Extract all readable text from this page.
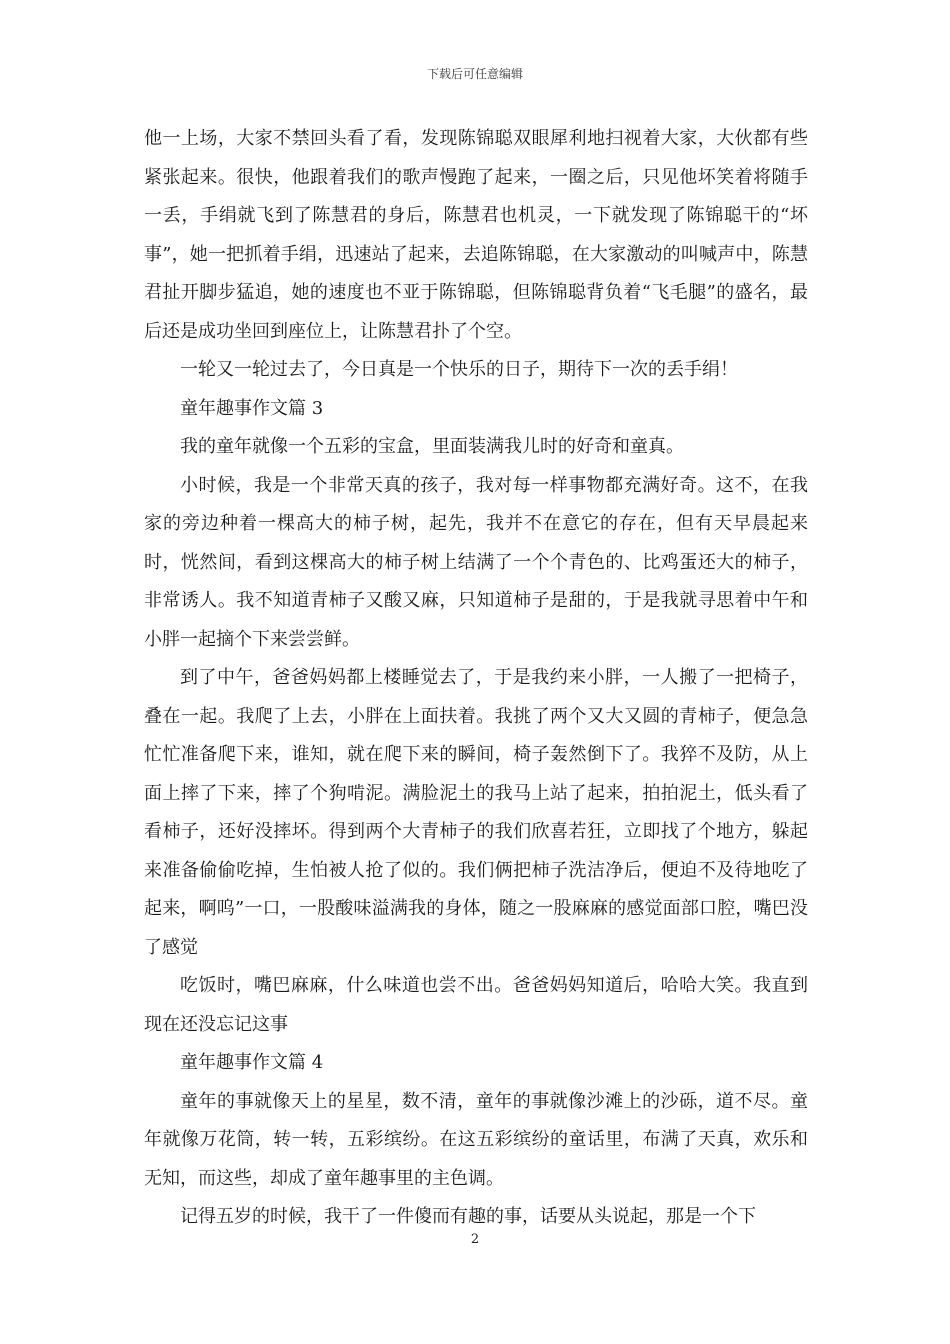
下载后可任意编辑

他一上场，大家不禁回头看了看，发现陈锦聪双眼犀利地扫视着大家，大伙都有些紧张起来。很快，他跟着我们的歌声慢跑了起来，一圈之后，只见他坏笑着将随手一丢，手绢就飞到了陈慧君的身后，陈慧君也机灵，一下就发现了陈锦聪干的“坏事”，她一把抓着手绢，迅速站了起来，去追陈锦聪，在大家激动的叫喊声中，陈慧君扯开脚步猛追，她的速度也不亚于陈锦聪，但陈锦聪背负着“飞毛腿”的盛名，最后还是成功坐回到座位上，让陈慧君扑了个空。

一轮又一轮过去了，今日真是一个快乐的日子，期待下一次的丢手绢！

童年趣事作文篇 3

我的童年就像一个五彩的宝盒，里面装满我儿时的好奇和童真。

小时候，我是一个非常天真的孩子，我对每一样事物都充满好奇。这不，在我家的旁边种着一棵高大的柿子树，起先，我并不在意它的存在，但有天早晨起来时，恍然间，看到这棵高大的柿子树上结满了一个个青色的、比鸡蛋还大的柿子，非常诱人。我不知道青柿子又酸又麻，只知道柿子是甜的，于是我就寻思着中午和小胖一起摘个下来尝尝鲜。

到了中午，爸爸妈妈都上楼睡觉去了，于是我约来小胖，一人搬了一把椅子，叠在一起。我爬了上去，小胖在上面扶着。我挑了两个又大又圆的青柿子，便急急忙忙准备爬下来，谁知，就在爬下来的瞬间，椅子轰然倒下了。我猝不及防，从上面上摔了下来，摔了个狗啃泥。满脸泥土的我马上站了起来，拍拍泥土，低头看了看柿子，还好没摔坏。得到两个大青柿子的我们欣喜若狂，立即找了个地方，躲起来准备偷偷吃掉，生怕被人抢了似的。我们俩把柿子洗洁净后，便迫不及待地吃了起来，啊呜”一口，一股酸味溢满我的身体，随之一股麻麻的感觉面部口腔，嘴巴没了感觉

吃饭时，嘴巴麻麻，什么味道也尝不出。爸爸妈妈知道后，哈哈大笑。我直到现在还没忘记这事

童年趣事作文篇 4

童年的事就像天上的星星，数不清，童年的事就像沙滩上的沙砾，道不尽。童年就像万花筒，转一转，五彩缤纷。在这五彩缤纷的童话里，布满了天真，欢乐和无知，而这些，却成了童年趣事里的主色调。

记得五岁的时候，我干了一件傻而有趣的事，话要从头说起，那是一个下

2
